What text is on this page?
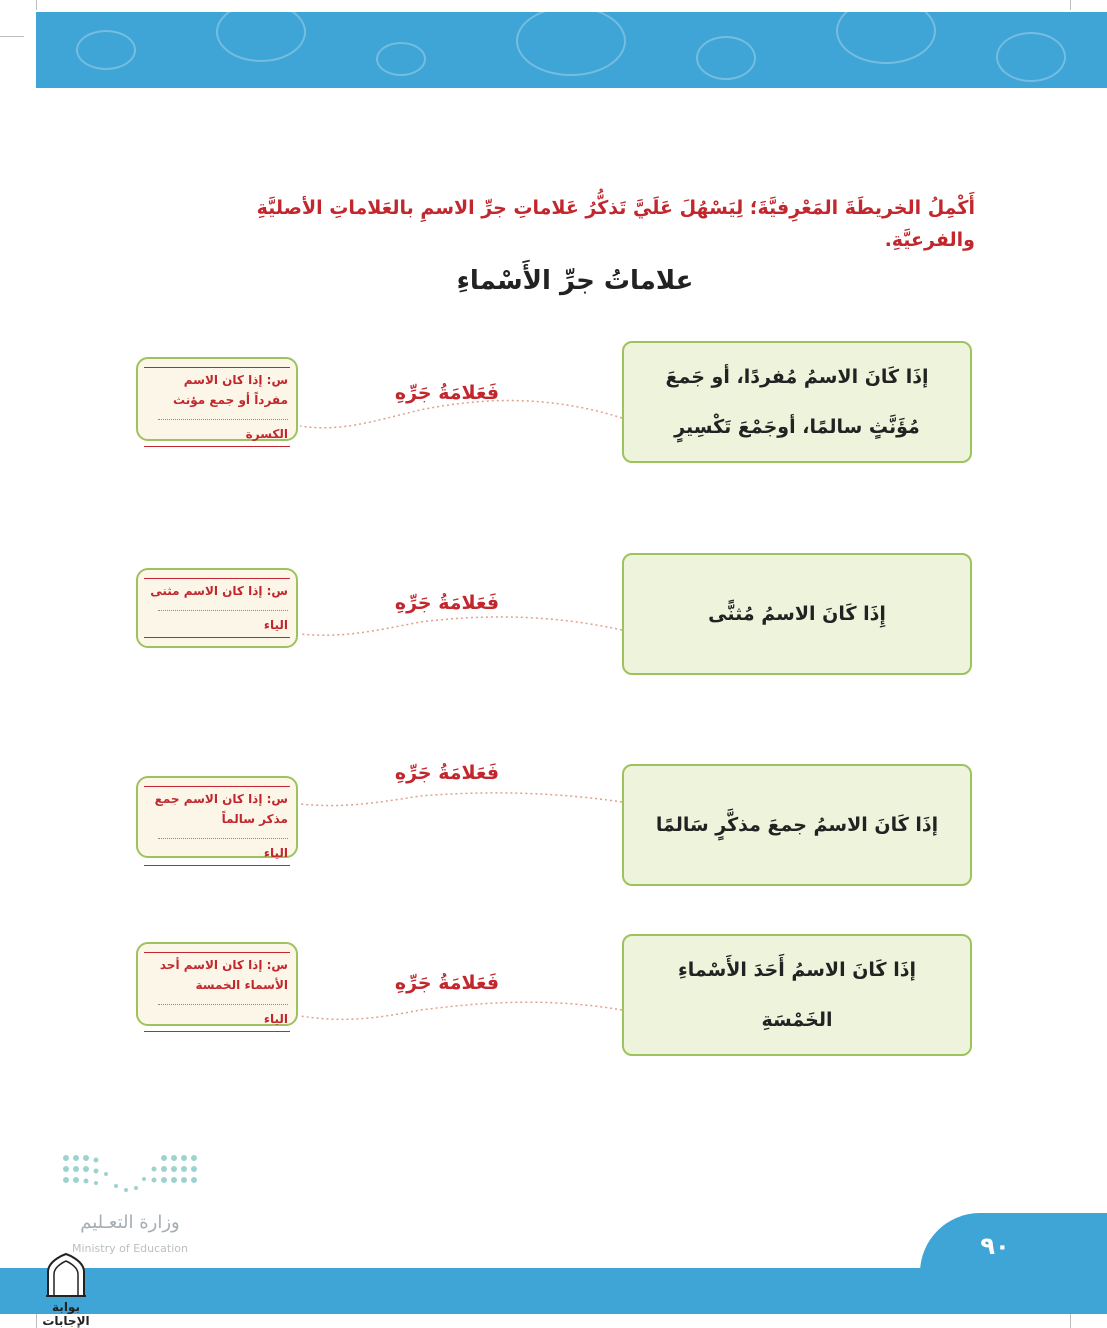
أَكْمِلُ الخريطَةَ المَعْرِفيَّةَ؛ لِيَسْهُلَ عَلَيَّ تَذكُّرُ عَلاماتِ جرِّ الاسمِ بالعَلاماتِ الأصليَّةِ والفرعيَّةِ.
علاماتُ جرِّ الأَسْماءِ
إذَا كَانَ الاسمُ مُفردًا، أو جَمعَ مُؤَنَّثٍ سالمًا، أوجَمْعَ تَكْسِيرٍ
فَعَلامَةُ جَرِّهِ
س: إذا كان الاسم مفرداً أو جمع مؤنث
الكسرة
إِذَا كَانَ الاسمُ مُثنًّى
فَعَلامَةُ جَرِّهِ
س: إذا كان الاسم مثنى
الياء
إذَا كَانَ الاسمُ جمعَ مذكَّرٍ سَالمًا
فَعَلامَةُ جَرِّهِ
س: إذا كان الاسم جمع مذكر سالماً
الياء
إذَا كَانَ الاسمُ أَحَدَ الأَسْماءِ الخَمْسَةِ
فَعَلامَةُ جَرِّهِ
س: إذا كان الاسم أحد الأسماء الخمسة
الياء
وزارة التعـليم
Ministry of Education	٩٠
بوابة الإجابات
